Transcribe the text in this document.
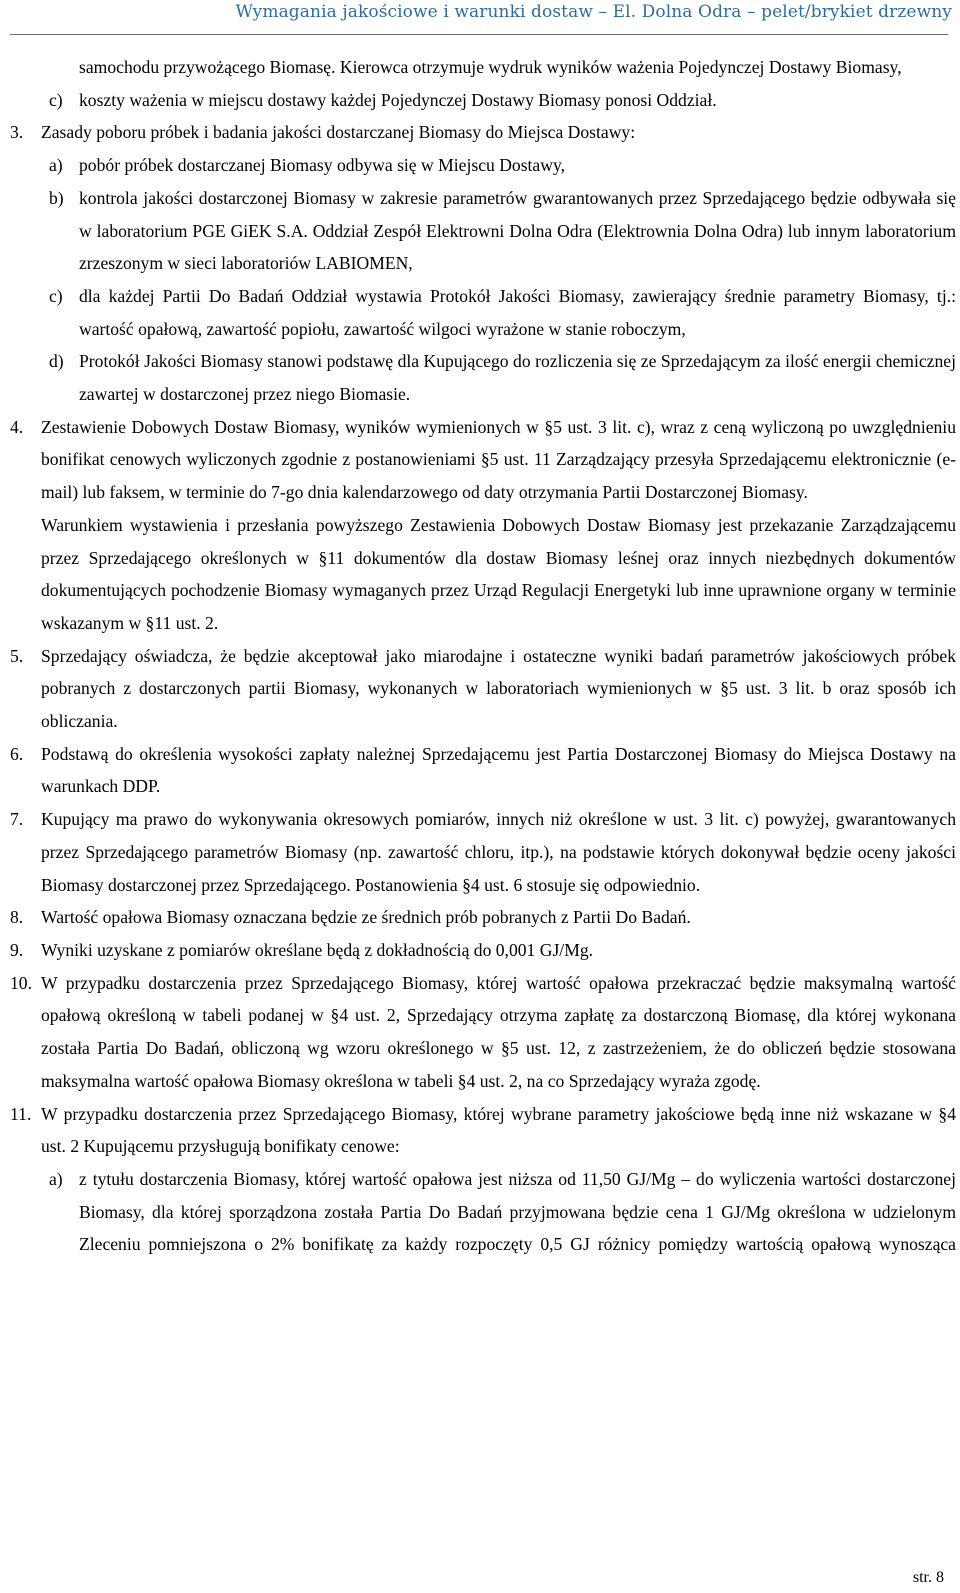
Wymagania jakościowe i warunki dostaw – El. Dolna Odra – pelet/brykiet drzewny
samochodu przywożącego Biomasę. Kierowca otrzymuje wydruk wyników ważenia Pojedynczej Dostawy Biomasy,
c) koszty ważenia w miejscu dostawy każdej Pojedynczej Dostawy Biomasy ponosi Oddział.
3. Zasady poboru próbek i badania jakości dostarczanej Biomasy do Miejsca Dostawy:
a) pobór próbek dostarczanej Biomasy odbywa się w Miejscu Dostawy,
b) kontrola jakości dostarczonej Biomasy w zakresie parametrów gwarantowanych przez Sprzedającego będzie odbywała się w laboratorium PGE GiEK S.A. Oddział Zespół Elektrowni Dolna Odra (Elektrownia Dolna Odra) lub innym laboratorium zrzeszonym w sieci laboratoriów LABIOMEN,
c) dla każdej Partii Do Badań Oddział wystawia Protokół Jakości Biomasy, zawierający średnie parametry Biomasy, tj.: wartość opałową, zawartość popiołu, zawartość wilgoci wyrażone w stanie roboczym,
d) Protokół Jakości Biomasy stanowi podstawę dla Kupującego do rozliczenia się ze Sprzedającym za ilość energii chemicznej zawartej w dostarczonej przez niego Biomasie.
4. Zestawienie Dobowych Dostaw Biomasy, wyników wymienionych w §5 ust. 3 lit. c), wraz z ceną wyliczoną po uwzględnieniu bonifikat cenowych wyliczonych zgodnie z postanowieniami §5 ust. 11 Zarządzający przesyła Sprzedającemu elektronicznie (e-mail) lub faksem, w terminie do 7-go dnia kalendarzowego od daty otrzymania Partii Dostarczonej Biomasy.
Warunkiem wystawienia i przesłania powyższego Zestawienia Dobowych Dostaw Biomasy jest przekazanie Zarządzającemu przez Sprzedającego określonych w §11 dokumentów dla dostaw Biomasy leśnej oraz innych niezbędnych dokumentów dokumentujących pochodzenie Biomasy wymaganych przez Urząd Regulacji Energetyki lub inne uprawnione organy w terminie wskazanym w §11 ust. 2.
5. Sprzedający oświadcza, że będzie akceptował jako miarodajne i ostateczne wyniki badań parametrów jakościowych próbek pobranych z dostarczonych partii Biomasy, wykonanych w laboratoriach wymienionych w §5 ust. 3 lit. b oraz sposób ich obliczania.
6. Podstawą do określenia wysokości zapłaty należnej Sprzedającemu jest Partia Dostarczonej Biomasy do Miejsca Dostawy na warunkach DDP.
7. Kupujący ma prawo do wykonywania okresowych pomiarów, innych niż określone w ust. 3 lit. c) powyżej, gwarantowanych przez Sprzedającego parametrów Biomasy (np. zawartość chloru, itp.), na podstawie których dokonywał będzie oceny jakości Biomasy dostarczonej przez Sprzedającego. Postanowienia §4 ust. 6 stosuje się odpowiednio.
8. Wartość opałowa Biomasy oznaczana będzie ze średnich prób pobranych z Partii Do Badań.
9. Wyniki uzyskane z pomiarów określane będą z dokładnością do 0,001 GJ/Mg.
10. W przypadku dostarczenia przez Sprzedającego Biomasy, której wartość opałowa przekraczać będzie maksymalną wartość opałową określoną w tabeli podanej w §4 ust. 2, Sprzedający otrzyma zapłatę za dostarczoną Biomasę, dla której wykonana została Partia Do Badań, obliczoną wg wzoru określonego w §5 ust. 12, z zastrzeżeniem, że do obliczeń będzie stosowana maksymalna wartość opałowa Biomasy określona w tabeli §4 ust. 2, na co Sprzedający wyraża zgodę.
11. W przypadku dostarczenia przez Sprzedającego Biomasy, której wybrane parametry jakościowe będą inne niż wskazane w §4 ust. 2 Kupującemu przysługują bonifikaty cenowe:
a) z tytułu dostarczenia Biomasy, której wartość opałowa jest niższa od 11,50 GJ/Mg – do wyliczenia wartości dostarczonej Biomasy, dla której sporządzona została Partia Do Badań przyjmowana będzie cena 1 GJ/Mg określona w udzielonym Zleceniu pomniejszona o 2% bonifikatę za każdy rozpoczęty 0,5 GJ różnicy pomiędzy wartością opałową wynosząca
str. 8
